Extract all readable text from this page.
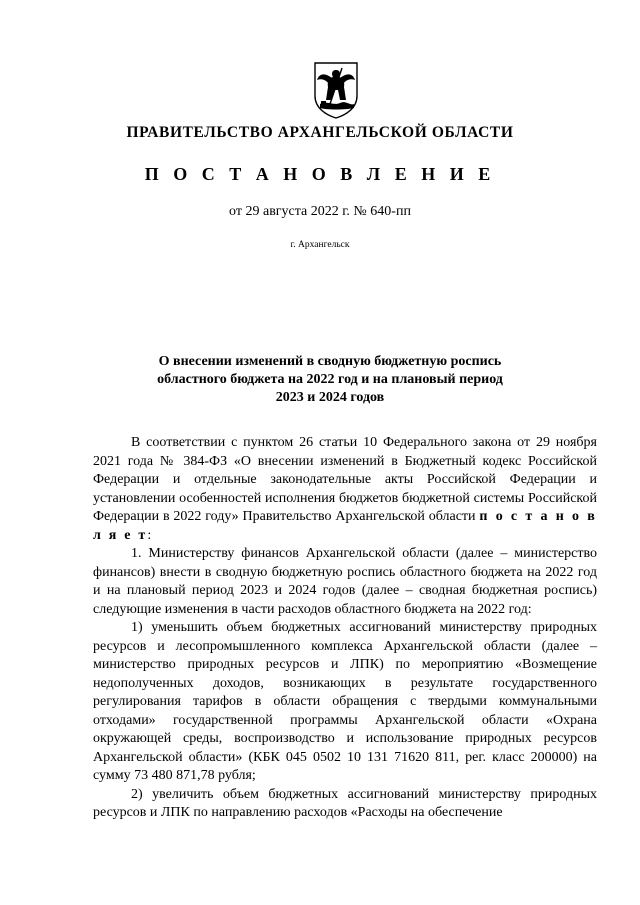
ПРАВИТЕЛЬСТВО АРХАНГЕЛЬСКОЙ ОБЛАСТИ
П О С Т А Н О В Л Е Н И Е
от 29 августа 2022 г. № 640-пп
г. Архангельск
О внесении изменений в сводную бюджетную роспись
областного бюджета на 2022 год и на плановый период
2023 и 2024 годов

В соответствии с пунктом 26 статьи 10 Федерального закона от 29 ноября 2021 года № 384-ФЗ «О внесении изменений в Бюджетный кодекс Российской Федерации и отдельные законодательные акты Российской Федерации и установлении особенностей исполнения бюджетов бюджетной системы Российской Федерации в 2022 году» Правительство Архангельской области п о с т а н о в л я е т:

1. Министерству финансов Архангельской области (далее – министерство финансов) внести в сводную бюджетную роспись областного бюджета на 2022 год и на плановый период 2023 и 2024 годов (далее – сводная бюджетная роспись) следующие изменения в части расходов областного бюджета на 2022 год:

1) уменьшить объем бюджетных ассигнований министерству природных ресурсов и лесопромышленного комплекса Архангельской области (далее – министерство природных ресурсов и ЛПК) по мероприятию «Возмещение недополученных доходов, возникающих в результате государственного регулирования тарифов в области обращения с твердыми коммунальными отходами» государственной программы Архангельской области «Охрана окружающей среды, воспроизводство и использование природных ресурсов Архангельской области» (КБК 045 0502 10 131 71620 811, рег. класс 200000) на сумму 73 480 871,78 рубля;

2) увеличить объем бюджетных ассигнований министерству природных ресурсов и ЛПК по направлению расходов «Расходы на обеспечение
